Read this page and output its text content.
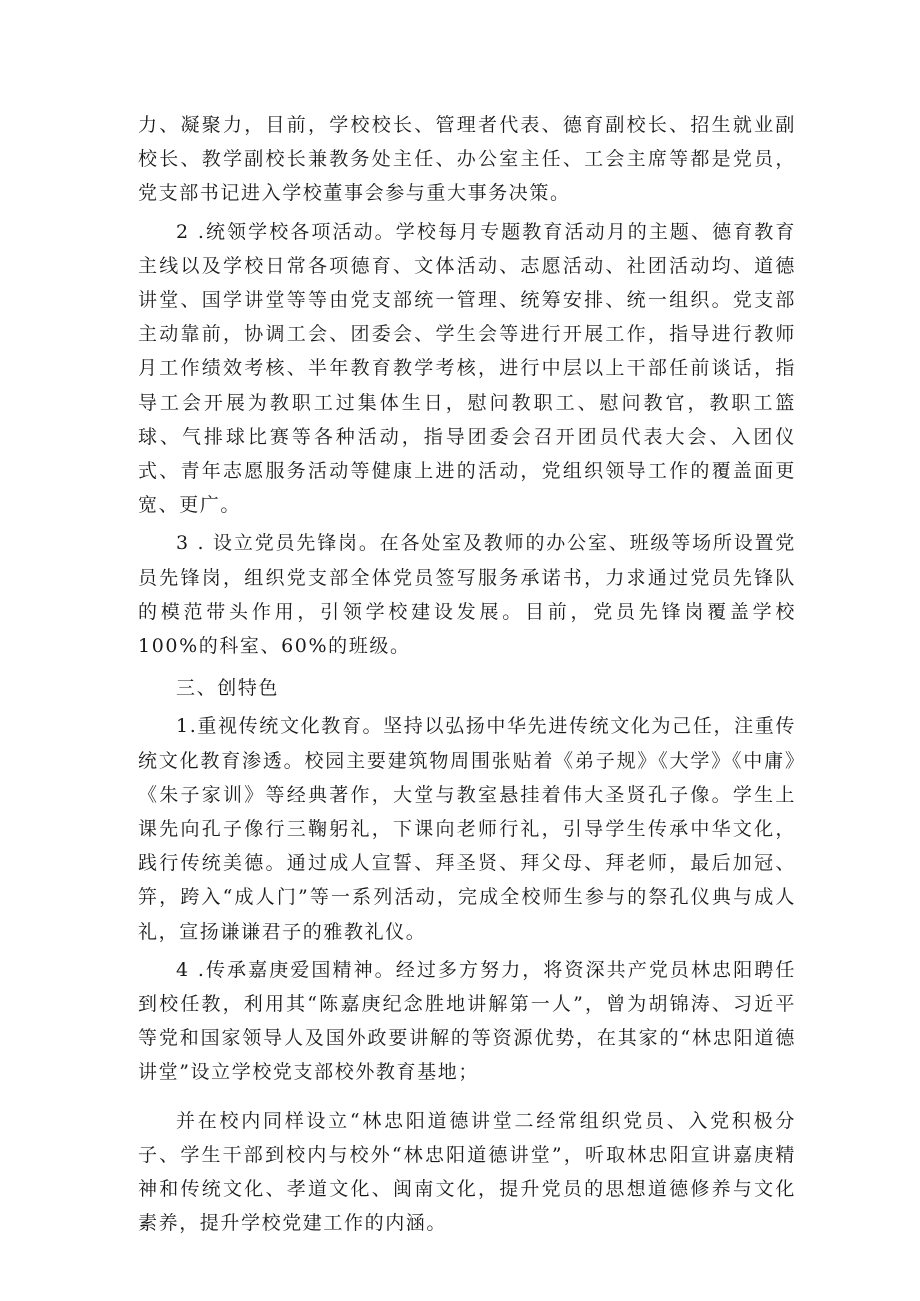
力、凝聚力，目前，学校校长、管理者代表、德育副校长、招生就业副校长、教学副校长兼教务处主任、办公室主任、工会主席等都是党员，党支部书记进入学校董事会参与重大事务决策。

2 .统领学校各项活动。学校每月专题教育活动月的主题、德育教育主线以及学校日常各项德育、文体活动、志愿活动、社团活动均、道德讲堂、国学讲堂等等由党支部统一管理、统筹安排、统一组织。党支部主动靠前，协调工会、团委会、学生会等进行开展工作，指导进行教师月工作绩效考核、半年教育教学考核，进行中层以上干部任前谈话，指导工会开展为教职工过集体生日，慰问教职工、慰问教官，教职工篮球、气排球比赛等各种活动，指导团委会召开团员代表大会、入团仪式、青年志愿服务活动等健康上进的活动，党组织领导工作的覆盖面更宽、更广。

3 . 设立党员先锋岗。在各处室及教师的办公室、班级等场所设置党员先锋岗，组织党支部全体党员签写服务承诺书，力求通过党员先锋队的模范带头作用，引领学校建设发展。目前，党员先锋岗覆盖学校100%的科室、60%的班级。

三、创特色

1.重视传统文化教育。坚持以弘扬中华先进传统文化为己任，注重传统文化教育渗透。校园主要建筑物周围张贴着《弟子规》《大学》《中庸》《朱子家训》等经典著作，大堂与教室悬挂着伟大圣贤孔子像。学生上课先向孔子像行三鞠躬礼，下课向老师行礼，引导学生传承中华文化，践行传统美德。通过成人宣誓、拜圣贤、拜父母、拜老师，最后加冠、笄，跨入“成人门”等一系列活动，完成全校师生参与的祭孔仪典与成人礼，宣扬谦谦君子的雅教礼仪。

4 .传承嘉庚爱国精神。经过多方努力，将资深共产党员林忠阳聘任到校任教，利用其“陈嘉庚纪念胜地讲解第一人”，曾为胡锦涛、习近平等党和国家领导人及国外政要讲解的等资源优势，在其家的“林忠阳道德讲堂”设立学校党支部校外教育基地；

并在校内同样设立“林忠阳道德讲堂二经常组织党员、入党积极分子、学生干部到校内与校外“林忠阳道德讲堂”，听取林忠阳宣讲嘉庚精神和传统文化、孝道文化、闽南文化，提升党员的思想道德修养与文化素养，提升学校党建工作的内涵。
